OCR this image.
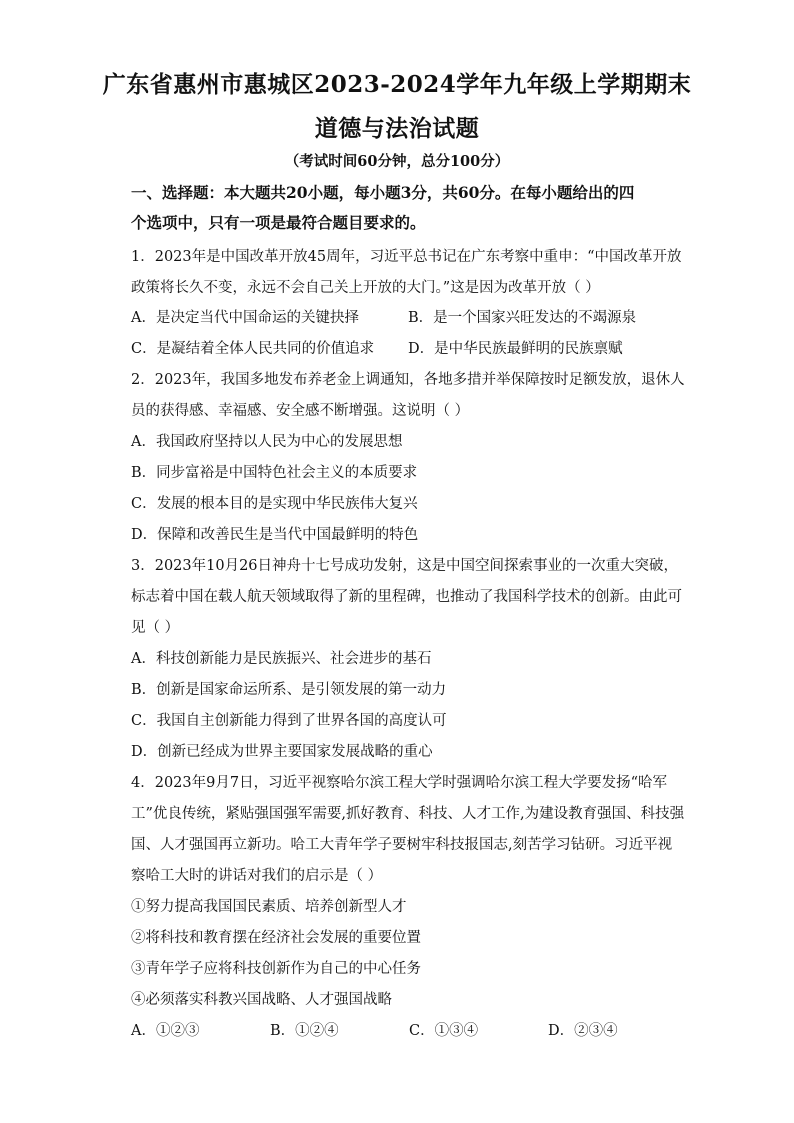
广东省惠州市惠城区2023-2024学年九年级上学期期末
道德与法治试题
（考试时间60分钟，总分100分）
一、选择题：本大题共20小题，每小题3分，共60分。在每小题给出的四
个选项中，只有一项是最符合题目要求的。
1．2023年是中国改革开放45周年，习近平总书记在广东考察中重申：“中国改革开放
政策将长久不变，永远不会自己关上开放的大门。”这是因为改革开放（ ）
A．是决定当代中国命运的关键抉择	B．是一个国家兴旺发达的不竭源泉
C．是凝结着全体人民共同的价值追求 D．是中华民族最鲜明的民族禀赋
2．2023年，我国多地发布养老金上调通知，各地多措并举保障按时足额发放，退休人
员的获得感、幸福感、安全感不断增强。这说明（ ）
A．我国政府坚持以人民为中心的发展思想
B．同步富裕是中国特色社会主义的本质要求
C．发展的根本目的是实现中华民族伟大复兴
D．保障和改善民生是当代中国最鲜明的特色
3．2023年10月26日神舟十七号成功发射，这是中国空间探索事业的一次重大突破，
标志着中国在载人航天领域取得了新的里程碑，也推动了我国科学技术的创新。由此可
见（ ）
A．科技创新能力是民族振兴、社会进步的基石
B．创新是国家命运所系、是引领发展的第一动力
C．我国自主创新能力得到了世界各国的高度认可
D．创新已经成为世界主要国家发展战略的重心
4．2023年9月7日，习近平视察哈尔滨工程大学时强调哈尔滨工程大学要发扬“哈军
工”优良传统，紧贴强国强军需要,抓好教育、科技、人才工作,为建设教育强国、科技强
国、人才强国再立新功。哈工大青年学子要树牢科技报国志,刻苦学习钻研。习近平视
察哈工大时的讲话对我们的启示是（ ）
①努力提高我国国民素质、培养创新型人才
②将科技和教育摆在经济社会发展的重要位置
③青年学子应将科技创新作为自己的中心任务
④必须落实科教兴国战略、人才强国战略
A．①②③	B．①②④	C．①③④	D．②③④
